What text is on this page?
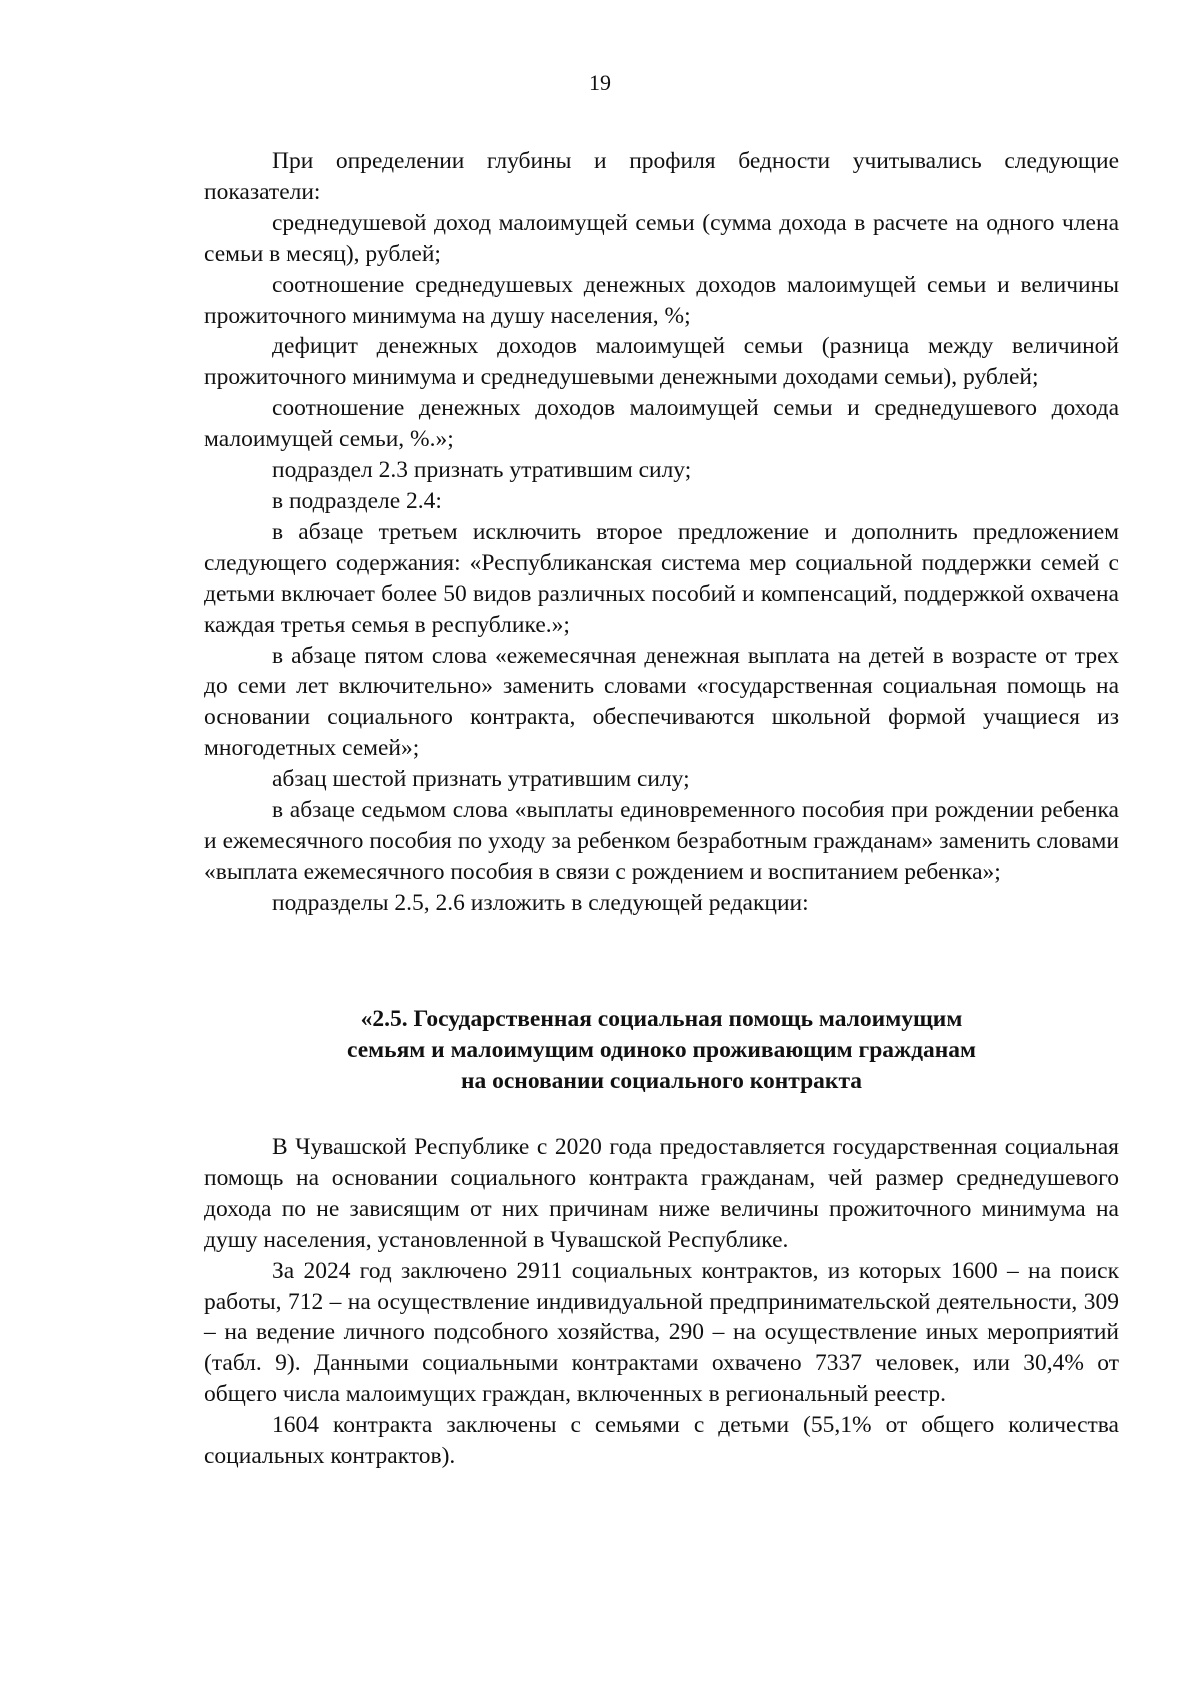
19

При определении глубины и профиля бедности учитывались следующие показатели:

среднедушевой доход малоимущей семьи (сумма дохода в расчете на одного члена семьи в месяц), рублей;

соотношение среднедушевых денежных доходов малоимущей семьи и величины прожиточного минимума на душу населения, %;

дефицит денежных доходов малоимущей семьи (разница между величиной прожиточного минимума и среднедушевыми денежными доходами семьи), рублей;

соотношение денежных доходов малоимущей семьи и среднедушевого дохода малоимущей семьи, %.»;

подраздел 2.3 признать утратившим силу;

в подразделе 2.4:

в абзаце третьем исключить второе предложение и дополнить предложением следующего содержания: «Республиканская система мер социальной поддержки семей с детьми включает более 50 видов различных пособий и компенсаций, поддержкой охвачена каждая третья семья в республике.»;

в абзаце пятом слова «ежемесячная денежная выплата на детей в возрасте от трех до семи лет включительно» заменить словами «государственная социальная помощь на основании социального контракта, обеспечиваются школьной формой учащиеся из многодетных семей»;

абзац шестой признать утратившим силу;

в абзаце седьмом слова «выплаты единовременного пособия при рождении ребенка и ежемесячного пособия по уходу за ребенком безработным гражданам» заменить словами «выплата ежемесячного пособия в связи с рождением и воспитанием ребенка»;

подразделы 2.5, 2.6 изложить в следующей редакции:

«2.5. Государственная социальная помощь малоимущим
семьям и малоимущим одиноко проживающим гражданам
на основании социального контракта

В Чувашской Республике с 2020 года предоставляется государственная социальная помощь на основании социального контракта гражданам, чей размер среднедушевого дохода по не зависящим от них причинам ниже величины прожиточного минимума на душу населения, установленной в Чувашской Республике.

За 2024 год заключено 2911 социальных контрактов, из которых 1600 – на поиск работы, 712 – на осуществление индивидуальной предпринимательской деятельности, 309 – на ведение личного подсобного хозяйства, 290 – на осуществление иных мероприятий (табл. 9). Данными социальными контрактами охвачено 7337 человек, или 30,4% от общего числа малоимущих граждан, включенных в региональный реестр.

1604 контракта заключены с семьями с детьми (55,1% от общего количества социальных контрактов).
